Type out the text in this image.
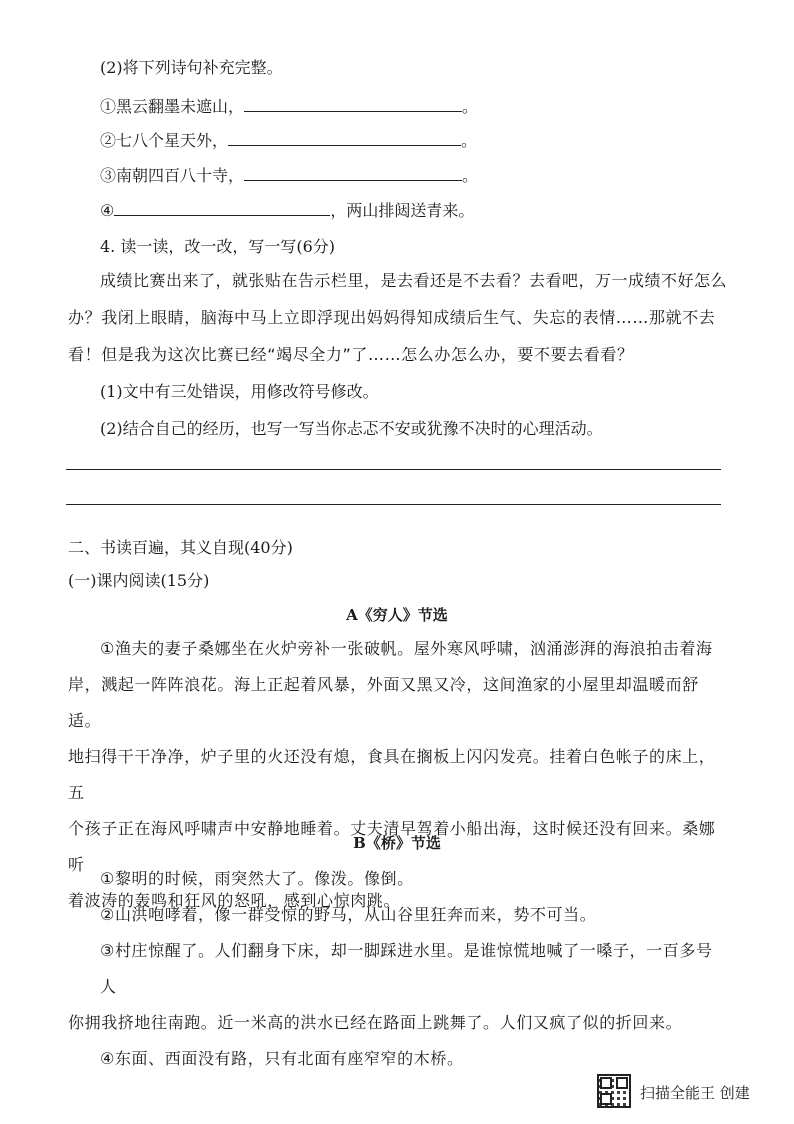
(2)将下列诗句补充完整。
①黑云翻墨未遮山，	。
②七八个星天外，	。
③南朝四百八十寺，	。
④	，两山排闼送青来。
4. 读一读，改一改，写一写(6分)
成绩比赛出来了，就张贴在告示栏里，是去看还是不去看？去看吧，万一成绩不好怎么
办？我闭上眼睛，脑海中马上立即浮现出妈妈得知成绩后生气、失忘的表情……那就不去
看！但是我为这次比赛已经“竭尽全力”了……怎么办怎么办，要不要去看看？
(1)文中有三处错误，用修改符号修改。
(2)结合自己的经历，也写一写当你忐忑不安或犹豫不决时的心理活动。
二、书读百遍，其义自现(40分)
(一)课内阅读(15分)
A《穷人》节选
①渔夫的妻子桑娜坐在火炉旁补一张破帆。屋外寒风呼啸，汹涌澎湃的海浪拍击着海
岸，溅起一阵阵浪花。海上正起着风暴，外面又黑又冷，这间渔家的小屋里却温暖而舒适。
地扫得干干净净，炉子里的火还没有熄，食具在搁板上闪闪发亮。挂着白色帐子的床上，五
个孩子正在海风呼啸声中安静地睡着。丈夫清早驾着小船出海，这时候还没有回来。桑娜听
着波涛的轰鸣和狂风的怒吼，感到心惊肉跳。
B《桥》节选
①黎明的时候，雨突然大了。像泼。像倒。
②山洪咆哮着，像一群受惊的野马，从山谷里狂奔而来，势不可当。
③村庄惊醒了。人们翻身下床，却一脚踩进水里。是谁惊慌地喊了一嗓子，一百多号人
你拥我挤地往南跑。近一米高的洪水已经在路面上跳舞了。人们又疯了似的折回来。
④东面、西面没有路，只有北面有座窄窄的木桥。
扫描全能王 创建
